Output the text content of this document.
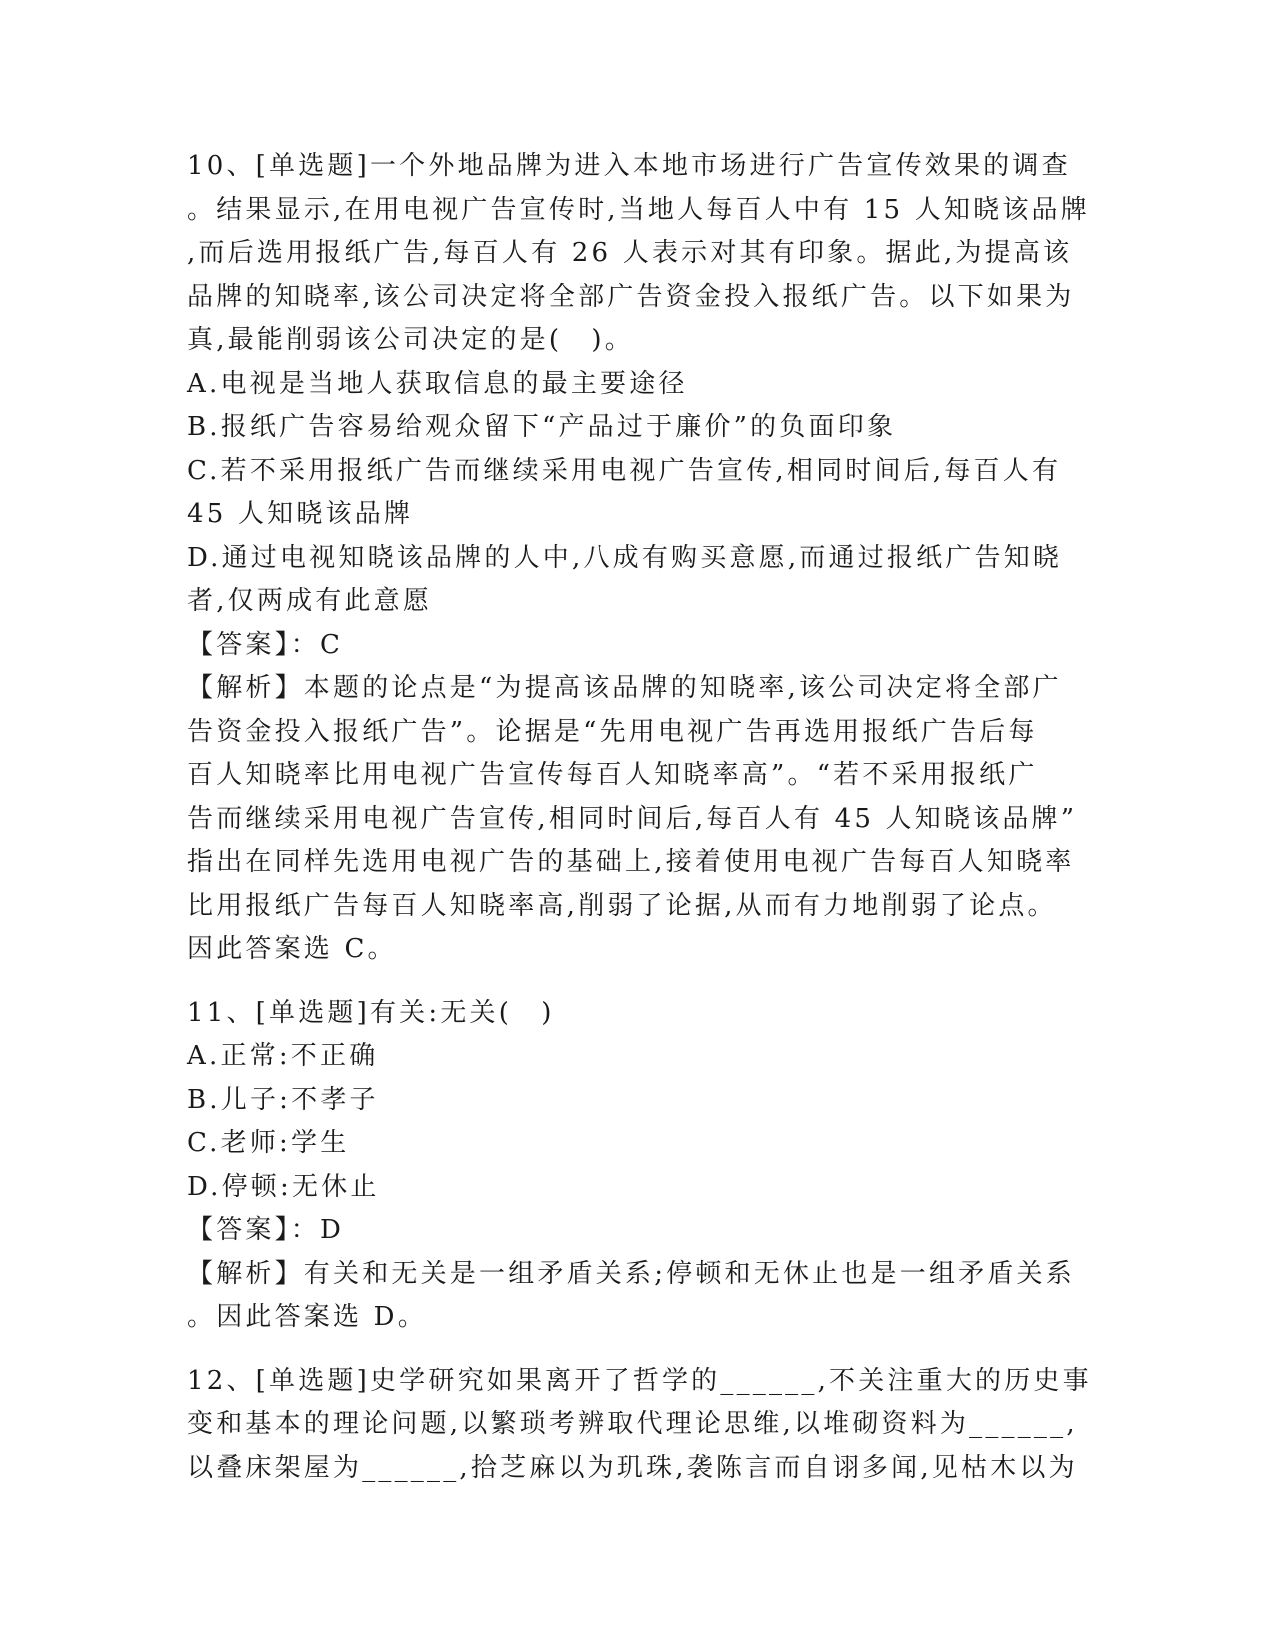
10、[单选题]一个外地品牌为进入本地市场进行广告宣传效果的调查
。结果显示,在用电视广告宣传时,当地人每百人中有 15 人知晓该品牌
,而后选用报纸广告,每百人有 26 人表示对其有印象。据此,为提高该
品牌的知晓率,该公司决定将全部广告资金投入报纸广告。以下如果为
真,最能削弱该公司决定的是(　)。
A.电视是当地人获取信息的最主要途径
B.报纸广告容易给观众留下“产品过于廉价”的负面印象
C.若不采用报纸广告而继续采用电视广告宣传,相同时间后,每百人有
45 人知晓该品牌
D.通过电视知晓该品牌的人中,八成有购买意愿,而通过报纸广告知晓
者,仅两成有此意愿
【答案】：C
【解析】本题的论点是“为提高该品牌的知晓率,该公司决定将全部广
告资金投入报纸广告”。论据是“先用电视广告再选用报纸广告后每
百人知晓率比用电视广告宣传每百人知晓率高”。“若不采用报纸广
告而继续采用电视广告宣传,相同时间后,每百人有 45 人知晓该品牌”
指出在同样先选用电视广告的基础上,接着使用电视广告每百人知晓率
比用报纸广告每百人知晓率高,削弱了论据,从而有力地削弱了论点。
因此答案选 C。
11、[单选题]有关:无关(　)
A.正常:不正确
B.儿子:不孝子
C.老师:学生
D.停顿:无休止
【答案】：D
【解析】有关和无关是一组矛盾关系;停顿和无休止也是一组矛盾关系
。因此答案选 D。
12、[单选题]史学研究如果离开了哲学的______,不关注重大的历史事
变和基本的理论问题,以繁琐考辨取代理论思维,以堆砌资料为______,
以叠床架屋为______,拾芝麻以为玑珠,袭陈言而自诩多闻,见枯木以为
